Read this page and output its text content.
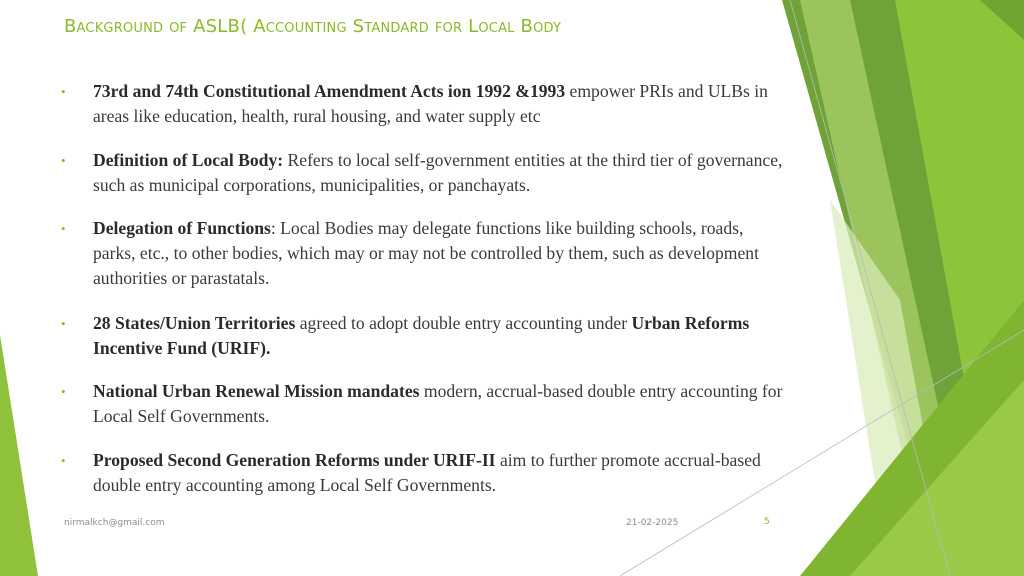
Background of ASLB( Accounting Standard for Local Body
• 73rd and 74th Constitutional Amendment Acts ion 1992 &1993 empower PRIs and ULBs in areas like education, health, rural housing, and water supply etc
• Definition of Local Body: Refers to local self-government entities at the third tier of governance, such as municipal corporations, municipalities, or panchayats.
• Delegation of Functions: Local Bodies may delegate functions like building schools, roads, parks, etc., to other bodies, which may or may not be controlled by them, such as development authorities or parastatals.
• 28 States/Union Territories agreed to adopt double entry accounting under Urban Reforms Incentive Fund (URIF).
• National Urban Renewal Mission mandates modern, accrual-based double entry accounting for Local Self Governments.
• Proposed Second Generation Reforms under URIF-II aim to further promote accrual-based double entry accounting among Local Self Governments.
nirmalkch@gmail.com	21-02-2025	5
